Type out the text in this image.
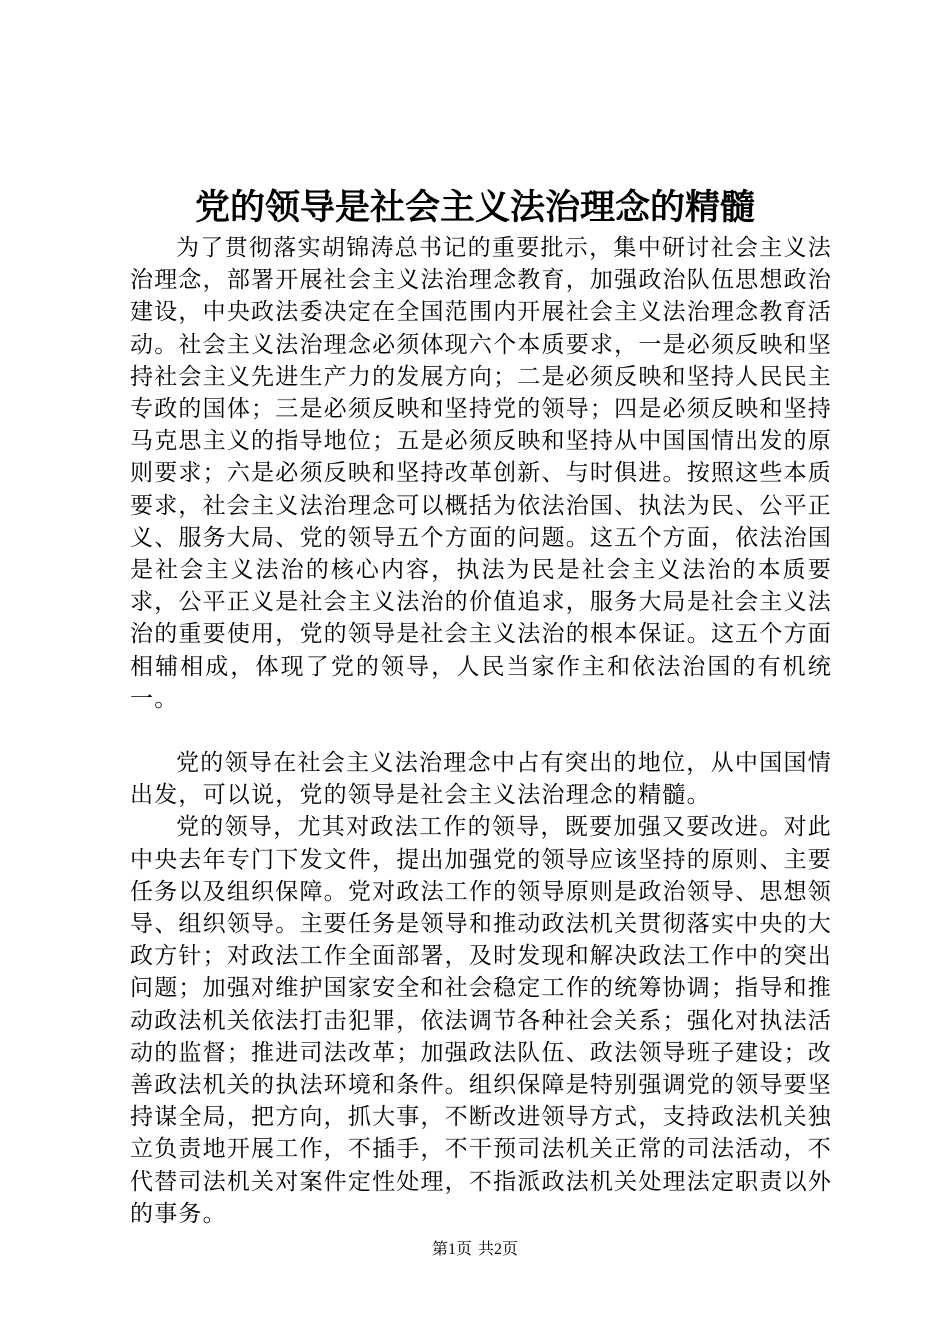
党的领导是社会主义法治理念的精髓

为了贯彻落实胡锦涛总书记的重要批示，集中研讨社会主义法治理念，部署开展社会主义法治理念教育，加强政治队伍思想政治建设，中央政法委决定在全国范围内开展社会主义法治理念教育活动。社会主义法治理念必须体现六个本质要求，一是必须反映和坚持社会主义先进生产力的发展方向；二是必须反映和坚持人民民主专政的国体；三是必须反映和坚持党的领导；四是必须反映和坚持马克思主义的指导地位；五是必须反映和坚持从中国国情出发的原则要求；六是必须反映和坚持改革创新、与时俱进。按照这些本质要求，社会主义法治理念可以概括为依法治国、执法为民、公平正义、服务大局、党的领导五个方面的问题。这五个方面，依法治国是社会主义法治的核心内容，执法为民是社会主义法治的本质要求，公平正义是社会主义法治的价值追求，服务大局是社会主义法治的重要使用，党的领导是社会主义法治的根本保证。这五个方面相辅相成，体现了党的领导，人民当家作主和依法治国的有机统一。

党的领导在社会主义法治理念中占有突出的地位，从中国国情出发，可以说，党的领导是社会主义法治理念的精髓。

党的领导，尤其对政法工作的领导，既要加强又要改进。对此中央去年专门下发文件，提出加强党的领导应该坚持的原则、主要任务以及组织保障。党对政法工作的领导原则是政治领导、思想领导、组织领导。主要任务是领导和推动政法机关贯彻落实中央的大政方针；对政法工作全面部署，及时发现和解决政法工作中的突出问题；加强对维护国家安全和社会稳定工作的统筹协调；指导和推动政法机关依法打击犯罪，依法调节各种社会关系；强化对执法活动的监督；推进司法改革；加强政法队伍、政法领导班子建设；改善政法机关的执法环境和条件。组织保障是特别强调党的领导要坚持谋全局，把方向，抓大事，不断改进领导方式，支持政法机关独立负责地开展工作，不插手，不干预司法机关正常的司法活动，不代替司法机关对案件定性处理，不指派政法机关处理法定职责以外的事务。

第1页 共2页
